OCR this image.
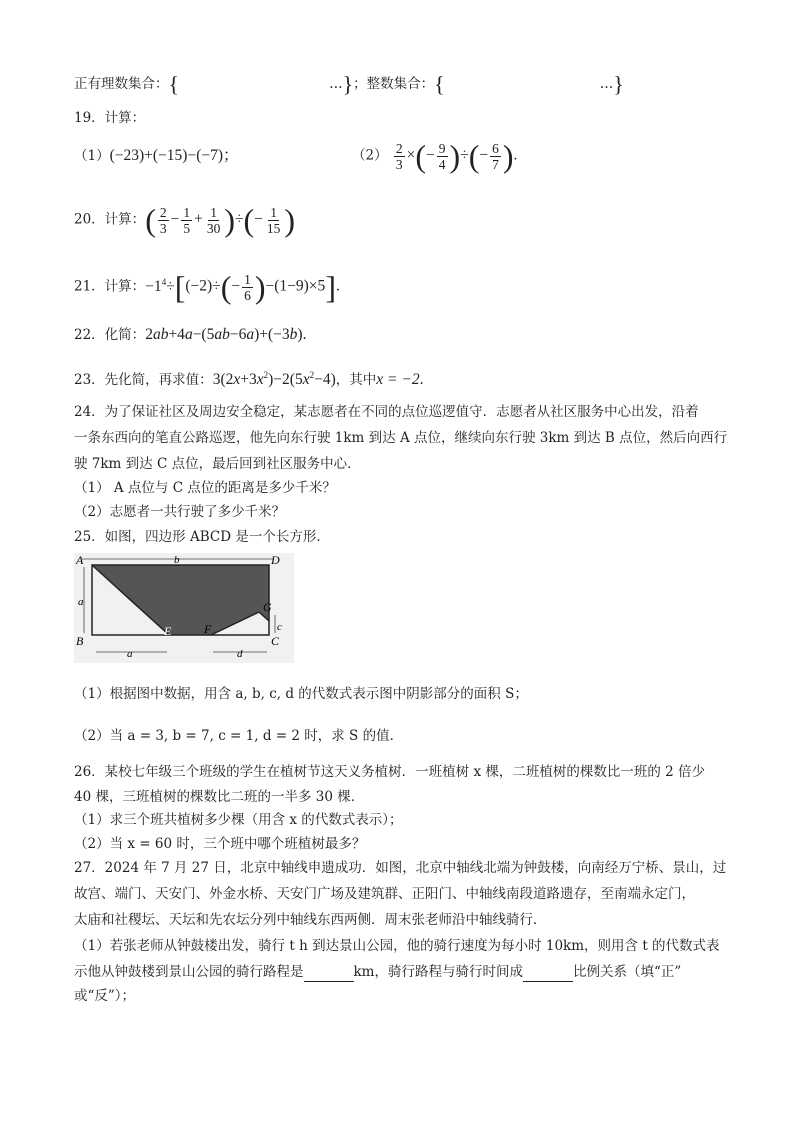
正有理数集合：{	…}；整数集合：{	…}
19．计算：
（1）(−23)+(−15)−(−7)；	$(2) \frac{2}{3}$ ×(− $\frac{9}{4}$ )÷(− $\frac{6}{7}$ ).
20．计算：( $\frac{2}{3} - \frac{1}{5} + \frac{1}{30}$ )÷(− $\frac{1}{15}$ )
21．计算：$-1^4\div[(-2)\div(- \frac{1}{6} )-(1-9)\times 5]$.
22．化简：2ab+4a−(5ab−6a)+(−3b).
23．先化简，再求值：$3(2x+3x^2)-2(5x^2-4)$，其中x = −2.
24．为了保证社区及周边安全稳定，某志愿者在不同的点位巡逻值守．志愿者从社区服务中心出发，沿着
一条东西向的笔直公路巡逻，他先向东行驶 1km 到达 A 点位，继续向东行驶 3km 到达 B 点位，然后向西行
驶 7km 到达 C 点位，最后回到社区服务中心．
（1） A 点位与 C 点位的距离是多少千米？
（2）志愿者一共行驶了多少千米？
25．如图，四边形 ABCD 是一个长方形．
A	D
B	C
E	F
G
b
a
c
a	d
（1）根据图中数据，用含 a, b, c, d 的代数式表示图中阴影部分的面积 S；
（2）当 a = 3, b = 7, c = 1, d = 2 时，求 S 的值．
26．某校七年级三个班级的学生在植树节这天义务植树．一班植树 x 棵，二班植树的棵数比一班的 2 倍少
40 棵，三班植树的棵数比二班的一半多 30 棵．
（1）求三个班共植树多少棵（用含 x 的代数式表示）；
（2）当 x = 60 时，三个班中哪个班植树最多？
27．2024 年 7 月 27 日，北京中轴线申遗成功．如图，北京中轴线北端为钟鼓楼，向南经万宁桥、景山，过
故宫、端门、天安门、外金水桥、天安门广场及建筑群、正阳门、中轴线南段道路遗存，至南端永定门，
太庙和社稷坛、天坛和先农坛分列中轴线东西两侧．周末张老师沿中轴线骑行．
（1）若张老师从钟鼓楼出发，骑行 t h 到达景山公园，他的骑行速度为每小时 10km，则用含 t 的代数式表
示他从钟鼓楼到景山公园的骑行路程是	km，骑行路程与骑行时间成	比例关系（填“正”
或“反”）；
